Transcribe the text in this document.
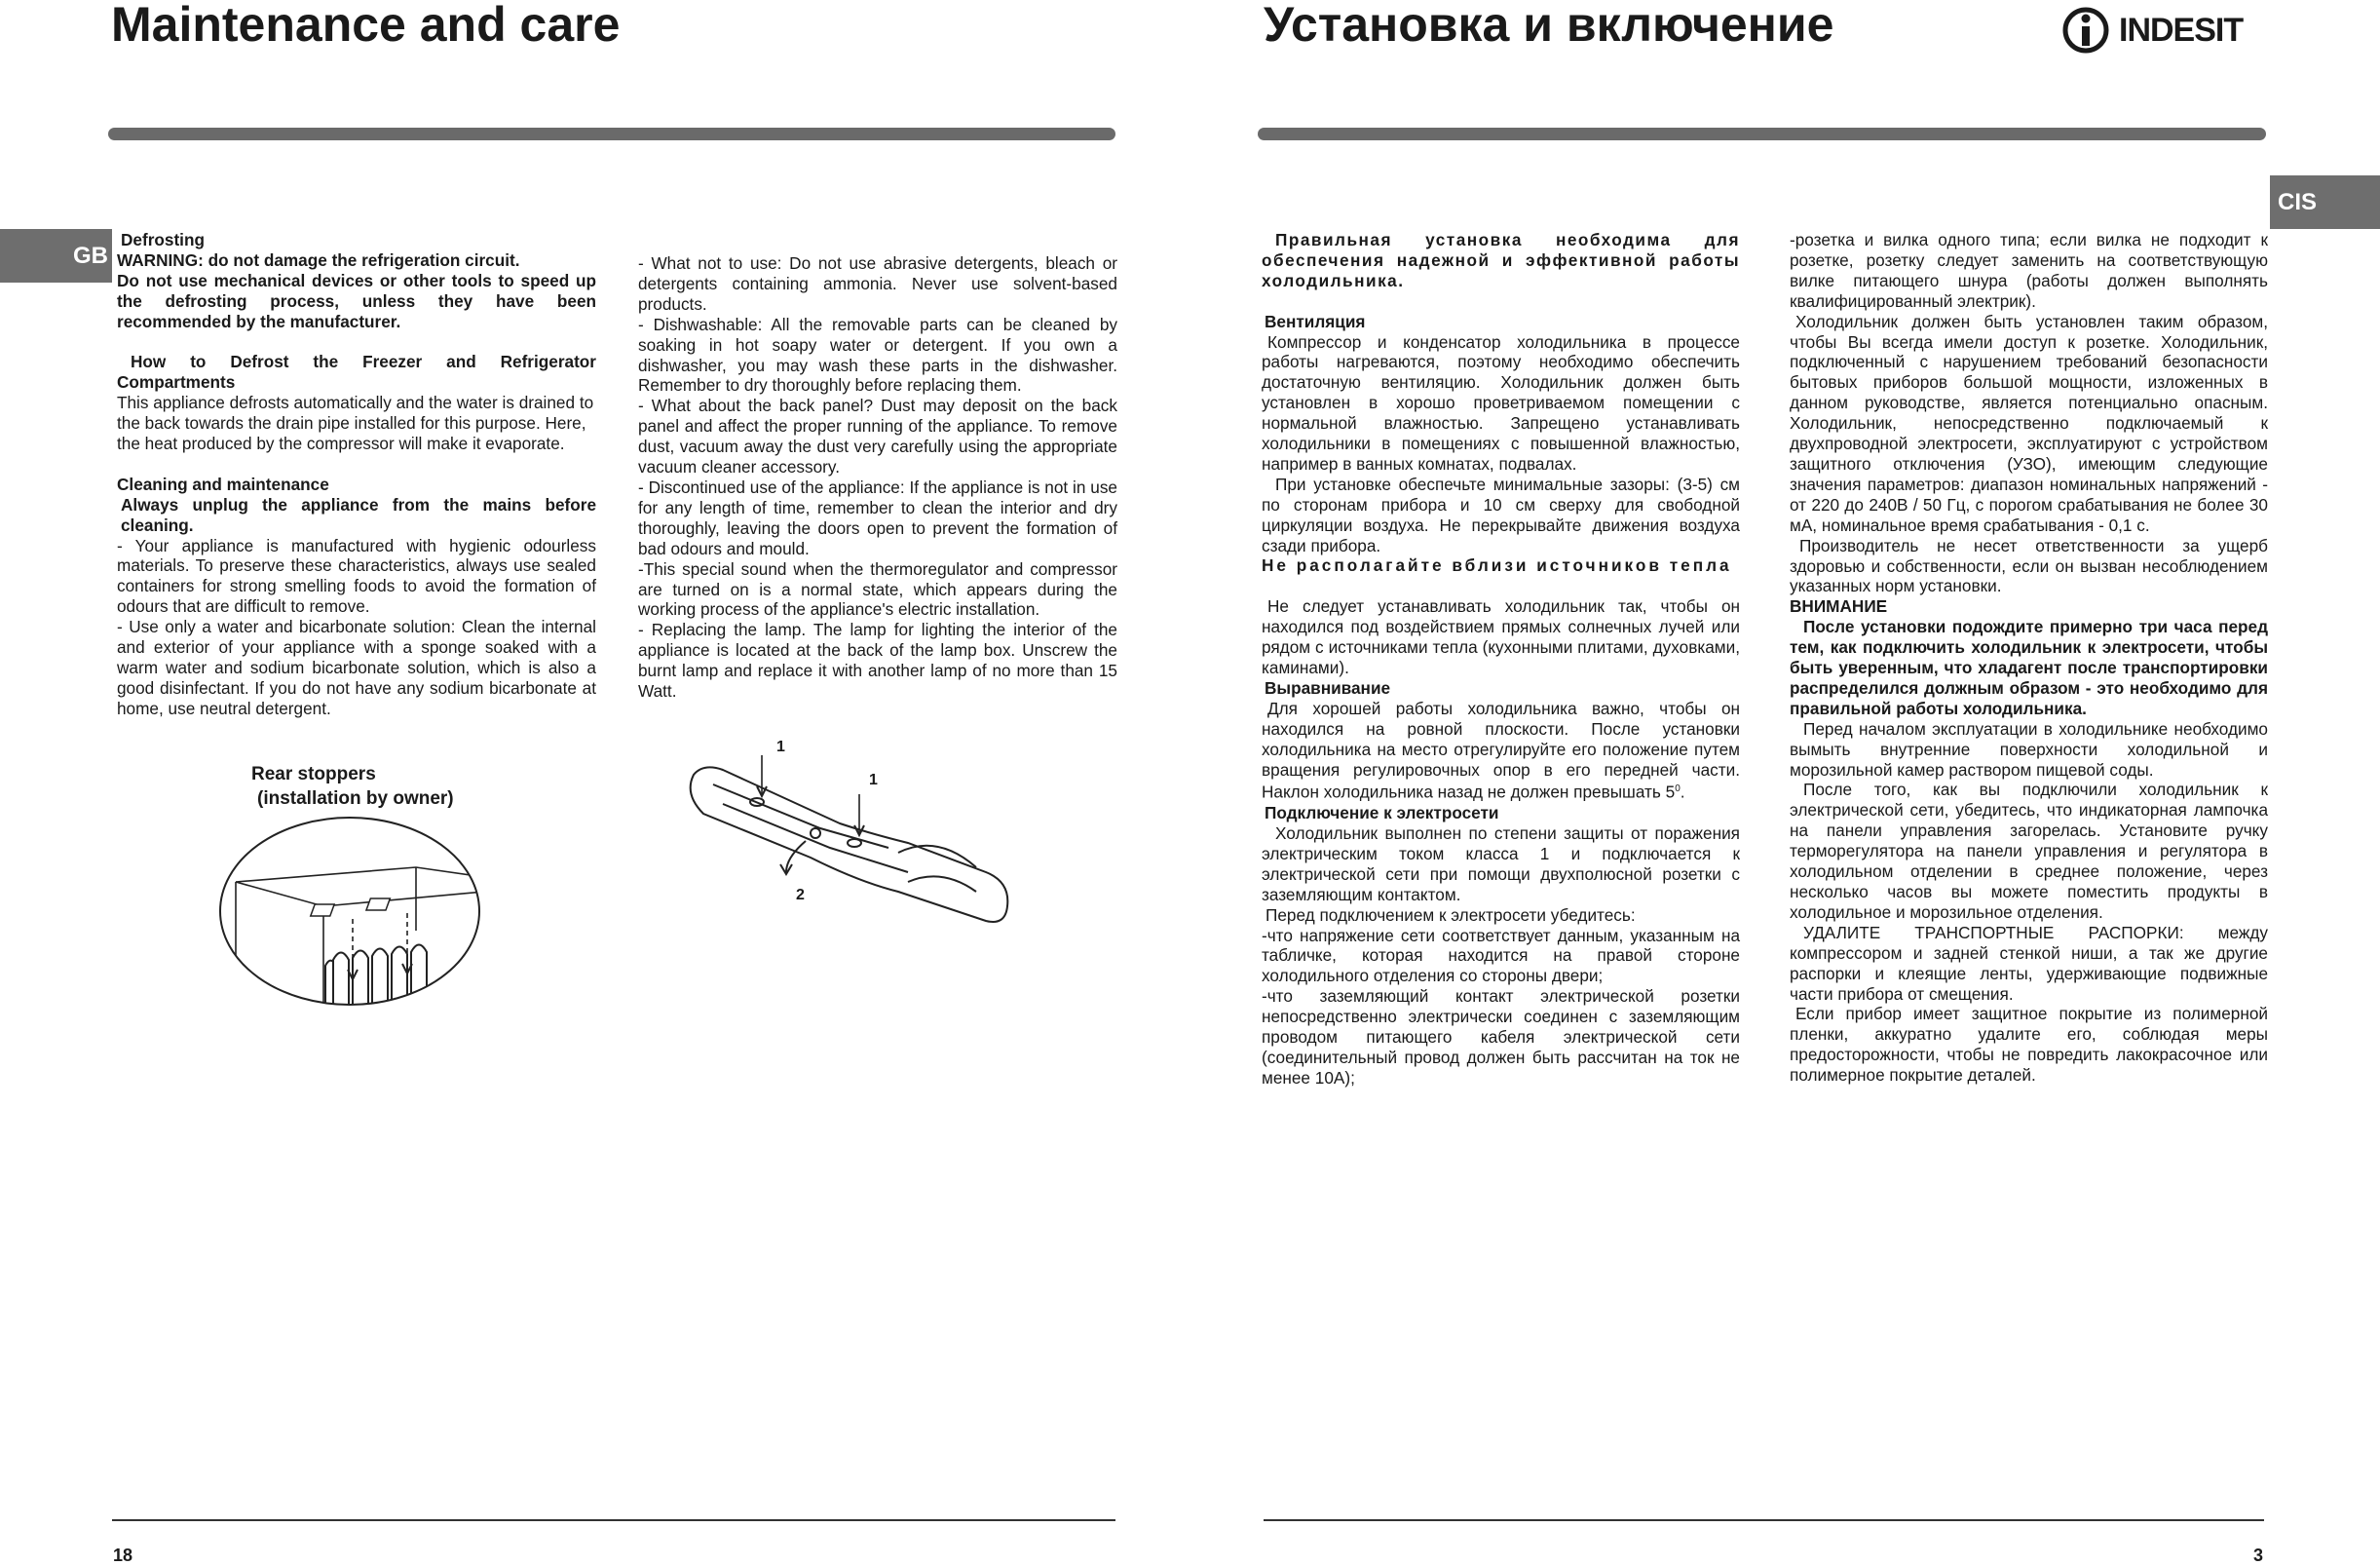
Maintenance and care
GB

Defrosting

WARNING: do not damage the refrigeration circuit.

Do not use mechanical devices or other tools to speed up the defrosting process, unless they have been recommended by the manufacturer.

How to Defrost the Freezer and Refrigerator Compartments

This appliance defrosts automatically and the water is drained to the back towards the drain pipe installed for this purpose. Here, the heat produced by the compressor will make it evaporate.

Cleaning and maintenance

Always unplug the appliance from the mains before cleaning.

- Your appliance is manufactured with hygienic odourless materials. To preserve these characteristics, always use sealed containers for strong smelling foods to avoid the formation of odours that are difficult to remove.

- Use only a water and bicarbonate solution: Clean the internal and exterior of your appliance with a sponge soaked with a warm water and sodium bicarbonate solution, which is also a good disinfectant. If you do not have any sodium bicarbonate at home, use neutral detergent.

Rear stoppers
(installation by owner)

- What not to use: Do not use abrasive detergents, bleach or detergents containing ammonia. Never use solvent-based products.

- Dishwashable: All the removable parts can be cleaned by soaking in hot soapy water or detergent. If you own a dishwasher, you may wash these parts in the dishwasher. Remember to dry thoroughly before replacing them.

- What about the back panel? Dust may deposit on the back panel and affect the proper running of the appliance. To remove dust, vacuum away the dust very carefully using the appropriate vacuum cleaner accessory.

- Discontinued use of the appliance: If the appliance is not in use for any length of time, remember to clean the interior and dry thoroughly, leaving the doors open to prevent the formation of bad odours and mould.

-This special sound when the thermoregulator and compressor are turned on is a normal state, which appears during the working process of the appliance's electric installation.

- Replacing the lamp. The lamp for lighting the interior of the appliance is located at the back of the lamp box. Unscrew the burnt lamp and replace it with another lamp of no more than 15 Watt.

1
1
2
18
Установка и включение	INDESIT
CIS

Правильная установка необходима для обеспечения надежной и эффективной работы холодильника.

Вентиляция

Компрессор и конденсатор холодильника в процессе работы нагреваются, поэтому необходимо обеспечить достаточную вентиляцию. Холодильник должен быть установлен в хорошо проветриваемом помещении с нормальной влажностью. Запрещено устанавливать холодильники в помещениях с повышенной влажностью, например в ванных комнатах, подвалах.

При установке обеспечьте минимальные зазоры: (3-5) см по сторонам прибора и 10 см сверху для свободной циркуляции воздуха. Не перекрывайте движения воздуха сзади прибора.

Не располагайте вблизи источников тепла

Не следует устанавливать холодильник так, чтобы он находился под воздействием прямых солнечных лучей или рядом с источниками тепла (кухонными плитами, духовками, каминами).

Выравнивание

Для хорошей работы холодильника важно, чтобы он находился на ровной плоскости. После установки холодильника на место отрегулируйте его положение путем вращения регулировочных опор в его передней части. Наклон холодильника назад не должен превышать $5^0$.

Подключение к электросети

Холодильник выполнен по степени защиты от поражения электрическим током класса 1 и подключается к электрической сети при помощи двухполюсной розетки с заземляющим контактом.

Перед подключением к электросети убедитесь:

-что напряжение сети соответствует данным, указанным на табличке, которая находится на правой стороне холодильного отделения со стороны двери;

-что заземляющий контакт электрической розетки непосредственно электрически соединен с заземляющим проводом питающего кабеля электрической сети (соединительный провод должен быть рассчитан на ток не менее 10А);

-розетка и вилка одного типа; если вилка не подходит к розетке, розетку следует заменить на соответствующую вилке питающего шнура (работы должен выполнять квалифицированный электрик).

Холодильник должен быть установлен таким образом, чтобы Вы всегда имели доступ к розетке. Холодильник, подключенный с нарушением требований безопасности бытовых приборов большой мощности, изложенных в данном руководстве, является потенциально опасным. Холодильник, непосредственно подключаемый к двухпроводной электросети, эксплуатируют с устройством защитного отключения (УЗО), имеющим следующие значения параметров: диапазон номинальных напряжений - от 220 до 240В / 50 Гц, с порогом срабатывания не более 30 мА, номинальное время срабатывания - 0,1 с.

Производитель не несет ответственности за ущерб здоровью и собственности, если он вызван несоблюдением указанных норм установки.

ВНИМАНИЕ

После установки подождите примерно три часа перед тем, как подключить холодильник к электросети, чтобы быть уверенным, что хладагент после транспортировки распределился должным образом - это необходимо для правильной работы холодильника.

Перед началом эксплуатации в холодильнике необходимо вымыть внутренние поверхности холодильной и морозильной камер раствором пищевой соды.

После того, как вы подключили холодильник к электрической сети, убедитесь, что индикаторная лампочка на панели управления загорелась. Установите ручку терморегулятора на панели управления и регулятора в холодильном отделении в среднее положение, через несколько часов вы можете поместить продукты в холодильное и морозильное отделения.

УДАЛИТЕ ТРАНСПОРТНЫЕ РАСПОРКИ: между компрессором и задней стенкой ниши, а так же другие распорки и клеящие ленты, удерживающие подвижные части прибора от смещения.

Если прибор имеет защитное покрытие из полимерной пленки, аккуратно удалите его, соблюдая меры предосторожности, чтобы не повредить лакокрасочное или полимерное покрытие деталей.

3
